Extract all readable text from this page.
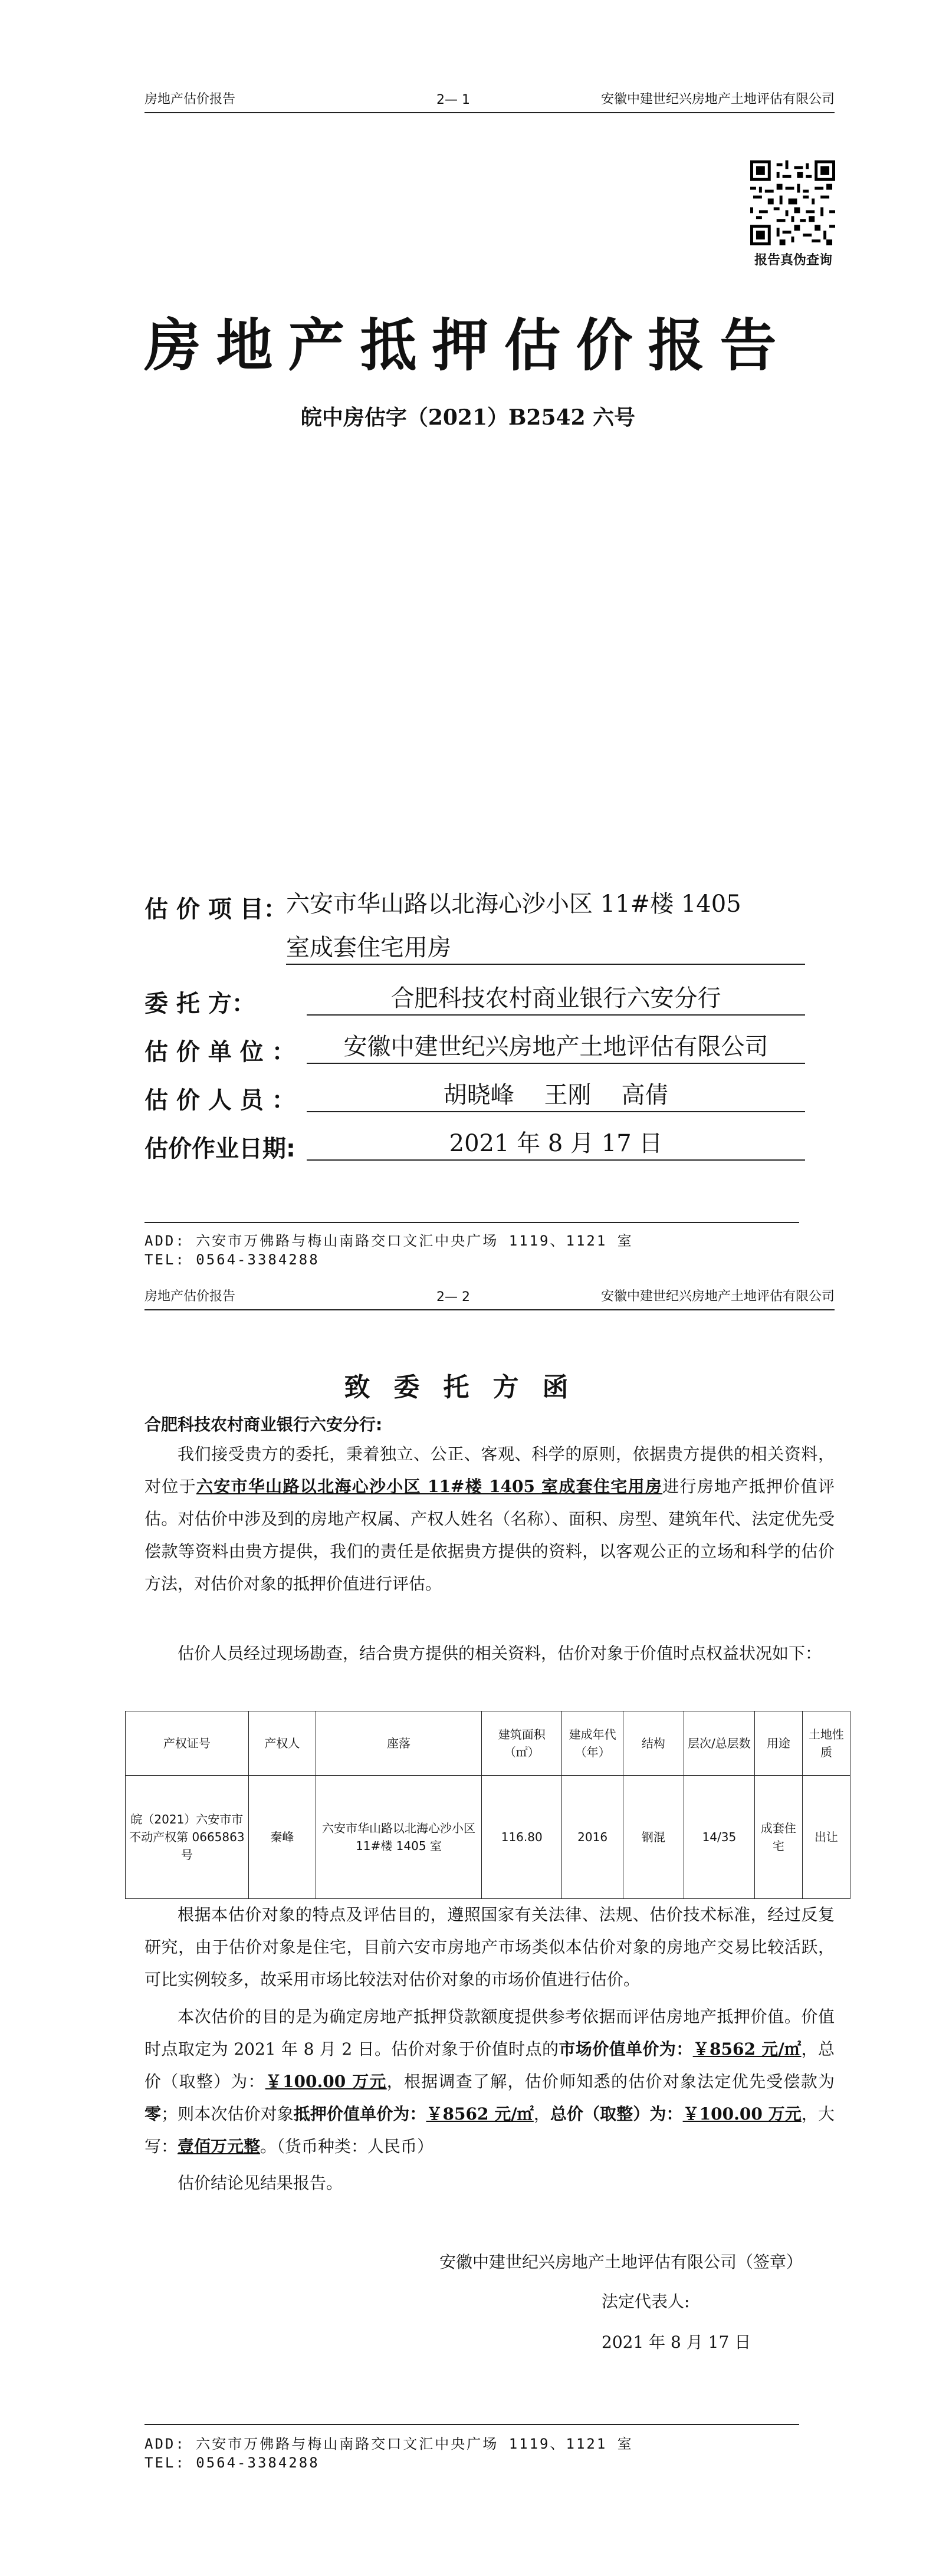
房地产估价报告	2— 1	安徽中建世纪兴房地产土地评估有限公司
报告真伪查询
房地产抵押估价报告
皖中房估字（2021）B2542 六号
估 价 项 目：
六安市华山路以北海心沙小区 11#楼 1405
室成套住宅用房
委 托 方：	合肥科技农村商业银行六安分行
估 价 单 位 ：	安徽中建世纪兴房地产土地评估有限公司
估 价 人 员 ：	胡晓峰    王刚    高倩
估价作业日期:	2021 年 8 月 17 日
ADD: 六安市万佛路与梅山南路交口文汇中央广场 1119、1121 室
TEL: 0564-3384288
房地产估价报告	2— 2	安徽中建世纪兴房地产土地评估有限公司
致委托方函
合肥科技农村商业银行六安分行:
我们接受贵方的委托，秉着独立、公正、客观、科学的原则，依据贵方提供的相关资料，对位于六安市华山路以北海心沙小区 11#楼 1405 室成套住宅用房进行房地产抵押价值评估。对估价中涉及到的房地产权属、产权人姓名（名称）、面积、房型、建筑年代、法定优先受偿款等资料由贵方提供，我们的责任是依据贵方提供的资料，以客观公正的立场和科学的估价方法，对估价对象的抵押价值进行评估。
估价人员经过现场勘查，结合贵方提供的相关资料，估价对象于价值时点权益状况如下：
产权证号	产权人	座落	建筑面积（㎡）	建成年代（年）	结构	层次/总层数	用途	土地性质
皖（2021）六安市市不动产权第 0665863 号	秦峰	六安市华山路以北海心沙小区 11#楼 1405 室	116.80	2016	钢混	14/35	成套住宅	出让
根据本估价对象的特点及评估目的，遵照国家有关法律、法规、估价技术标准，经过反复研究，由于估价对象是住宅，目前六安市房地产市场类似本估价对象的房地产交易比较活跃，可比实例较多，故采用市场比较法对估价对象的市场价值进行估价。
本次估价的目的是为确定房地产抵押贷款额度提供参考依据而评估房地产抵押价值。价值时点取定为 2021 年 8 月 2 日。估价对象于价值时点的市场价值单价为：￥8562 元/㎡，总价（取整）为：￥100.00 万元，根据调查了解，估价师知悉的估价对象法定优先受偿款为零；则本次估价对象抵押价值单价为：￥8562 元/㎡，总价（取整）为：￥100.00 万元，大写：壹佰万元整。（货币种类：人民币）
估价结论见结果报告。
安徽中建世纪兴房地产土地评估有限公司（签章）
法定代表人:
2021 年 8 月 17 日
ADD: 六安市万佛路与梅山南路交口文汇中央广场 1119、1121 室
TEL: 0564-3384288
